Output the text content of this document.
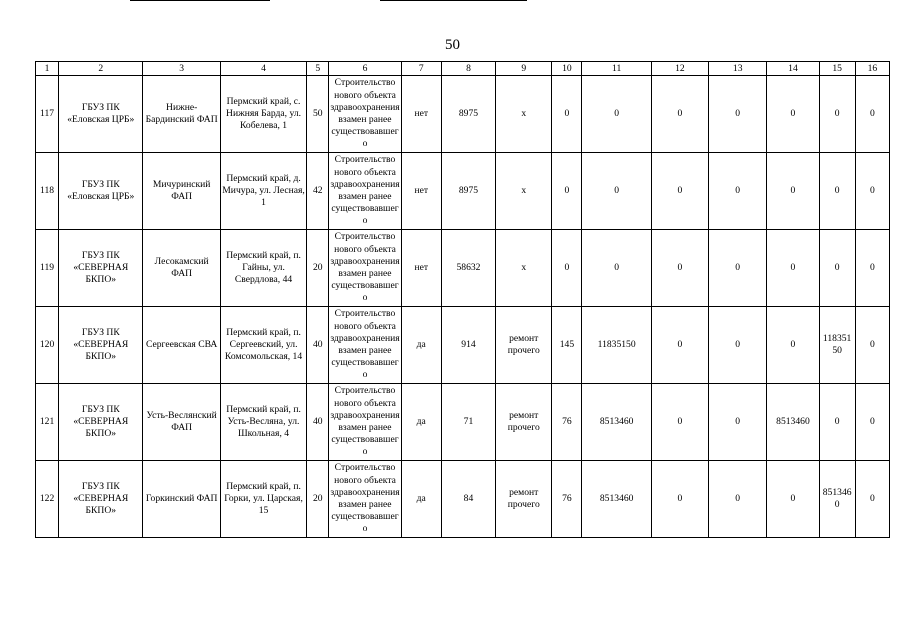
50
1	2	3	4	5	6	7	8	9	10	11	12	13	14	15	16
117	ГБУЗ ПК «Еловская ЦРБ»	Нижне-Бардинский ФАП	Пермский край, с. Нижняя Барда, ул. Кобелева, 1	50	Строительство нового объекта здравоохранения взамен ранее существовавшего	нет	8975	х	0	0	0	0	0	0	0
118	ГБУЗ ПК «Еловская ЦРБ»	Мичуринский ФАП	Пермский край, д. Мичура, ул. Лесная, 1	42	Строительство нового объекта здравоохранения взамен ранее существовавшего	нет	8975	х	0	0	0	0	0	0	0
119	ГБУЗ ПК «СЕВЕРНАЯ БКПО»	Лесокамский ФАП	Пермский край, п. Гайны, ул. Свердлова, 44	20	Строительство нового объекта здравоохранения взамен ранее существовавшего	нет	58632	х	0	0	0	0	0	0	0
120	ГБУЗ ПК «СЕВЕРНАЯ БКПО»	Сергеевская СВА	Пермский край, п. Сергеевский, ул. Комсомольская, 14	40	Строительство нового объекта здравоохранения взамен ранее существовавшего	да	914	ремонт прочего	145	11835150	0	0	0	11835150	0
121	ГБУЗ ПК «СЕВЕРНАЯ БКПО»	Усть-Веслянский ФАП	Пермский край, п. Усть-Весляна, ул. Школьная, 4	40	Строительство нового объекта здравоохранения взамен ранее существовавшего	да	71	ремонт прочего	76	8513460	0	0	8513460	0	0
122	ГБУЗ ПК «СЕВЕРНАЯ БКПО»	Горкинский ФАП	Пермский край, п. Горки, ул. Царская, 15	20	Строительство нового объекта здравоохранения взамен ранее существовавшего	да	84	ремонт прочего	76	8513460	0	0	0	8513460	0
